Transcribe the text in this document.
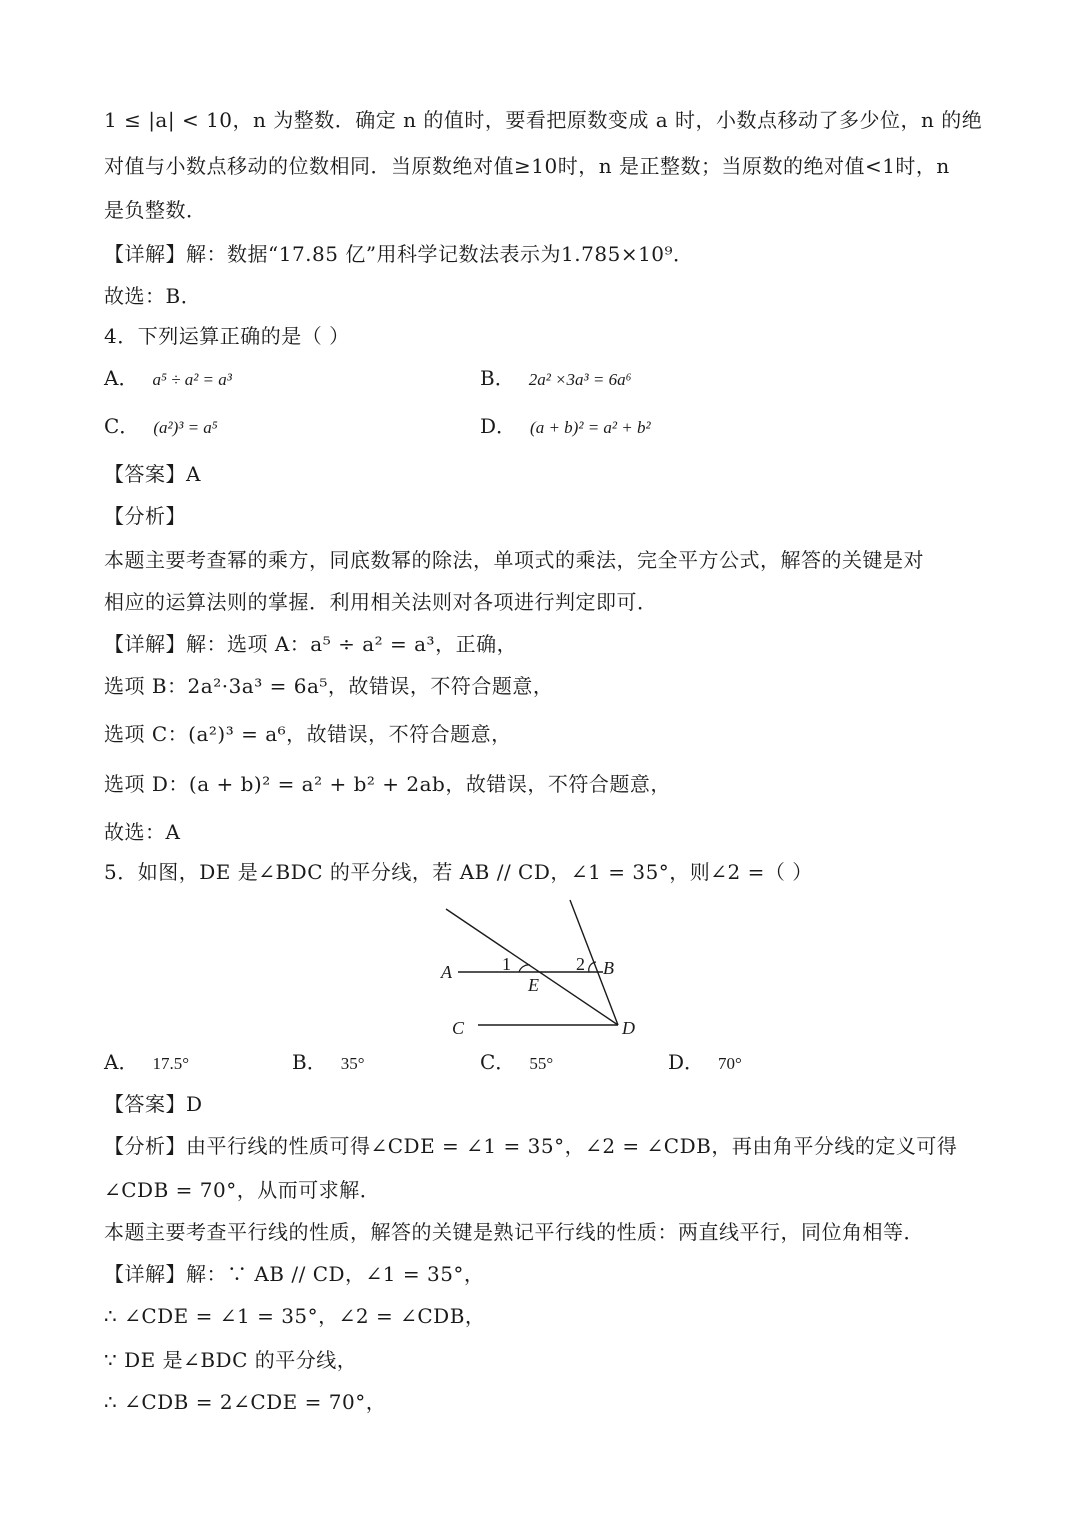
1 ≤ |a| < 10，n 为整数．确定 n 的值时，要看把原数变成 a 时，小数点移动了多少位，n 的绝
对值与小数点移动的位数相同．当原数绝对值≥10时，n 是正整数；当原数的绝对值<1时，n
是负整数．
【详解】解：数据“17.85 亿”用科学记数法表示为1.785×10⁹．
故选：B．
4．下列运算正确的是（ ）
A． a⁵ ÷ a² = a³	B． 2a² ×3a³ = 6a⁶
C． (a²)³ = a⁵	D． (a + b)² = a² + b²
【答案】A
【分析】
本题主要考查幂的乘方，同底数幂的除法，单项式的乘法，完全平方公式，解答的关键是对
相应的运算法则的掌握．利用相关法则对各项进行判定即可．
【详解】解：选项 A：a⁵ ÷ a² = a³，正确，
选项 B：2a²·3a³ = 6a⁵，故错误，不符合题意，
选项 C：(a²)³ = a⁶，故错误，不符合题意，
选项 D：(a + b)² = a² + b² + 2ab，故错误，不符合题意，
故选：A
5．如图，DE 是∠BDC 的平分线，若 AB // CD，∠1 = 35°，则∠2 =（ ）
A	B
C	D
E
1	2
A． 17.5°	B． 35°	C． 55°	D． 70°
【答案】D
【分析】由平行线的性质可得∠CDE = ∠1 = 35°，∠2 = ∠CDB，再由角平分线的定义可得
∠CDB = 70°，从而可求解．
本题主要考查平行线的性质，解答的关键是熟记平行线的性质：两直线平行，同位角相等．
【详解】解：∵ AB // CD，∠1 = 35°，
∴ ∠CDE = ∠1 = 35°，∠2 = ∠CDB，
∵ DE 是∠BDC 的平分线，
∴ ∠CDB = 2∠CDE = 70°，
